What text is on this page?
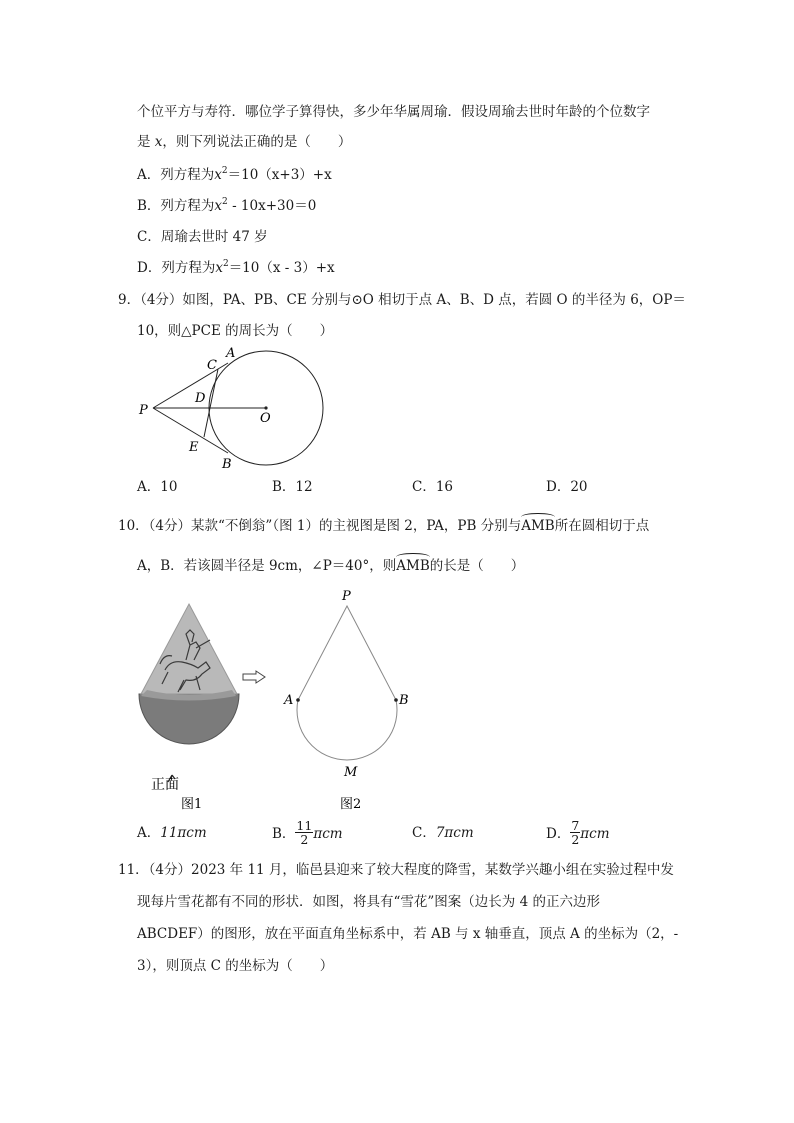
个位平方与寿符．哪位学子算得快，多少年华属周瑜．假设周瑜去世时年龄的个位数字
是 x，则下列说法正确的是（　　）
A．列方程为$x^2=10(x+3)+x$
B．列方程为$x^2 - 10x+30=0$
C．周瑜去世时 47 岁
D．列方程为$x^2=10(x - 3)+x$
9．（4分）如图，PA、PB、CE 分别与⊙O 相切于点 A、B、D 点，若圆 O 的半径为 6，OP＝
10，则△PCE 的周长为（　　）
P
A
C
D
O
E
B
A．10	B．12	C．16	D．20
10．（4分）某款“不倒翁”（图 1）的主视图是图 2，PA，PB 分别与AMB所在圆相切于点
A，B．若该圆半径是 9cm，∠P＝40°，则AMB的长是（　　）
正面
图1
P
A	B
M
图2
A．11πcm	B． $\frac{11}{2}$ πcm	C．7πcm	D． $\frac{7}{2}$ πcm
11．（4分）2023 年 11 月，临邑县迎来了较大程度的降雪，某数学兴趣小组在实验过程中发
现每片雪花都有不同的形状．如图，将具有“雪花”图案（边长为 4 的正六边形
ABCDEF）的图形，放在平面直角坐标系中，若 AB 与 x 轴垂直，顶点 A 的坐标为（2，-
3），则顶点 C 的坐标为（　　）
